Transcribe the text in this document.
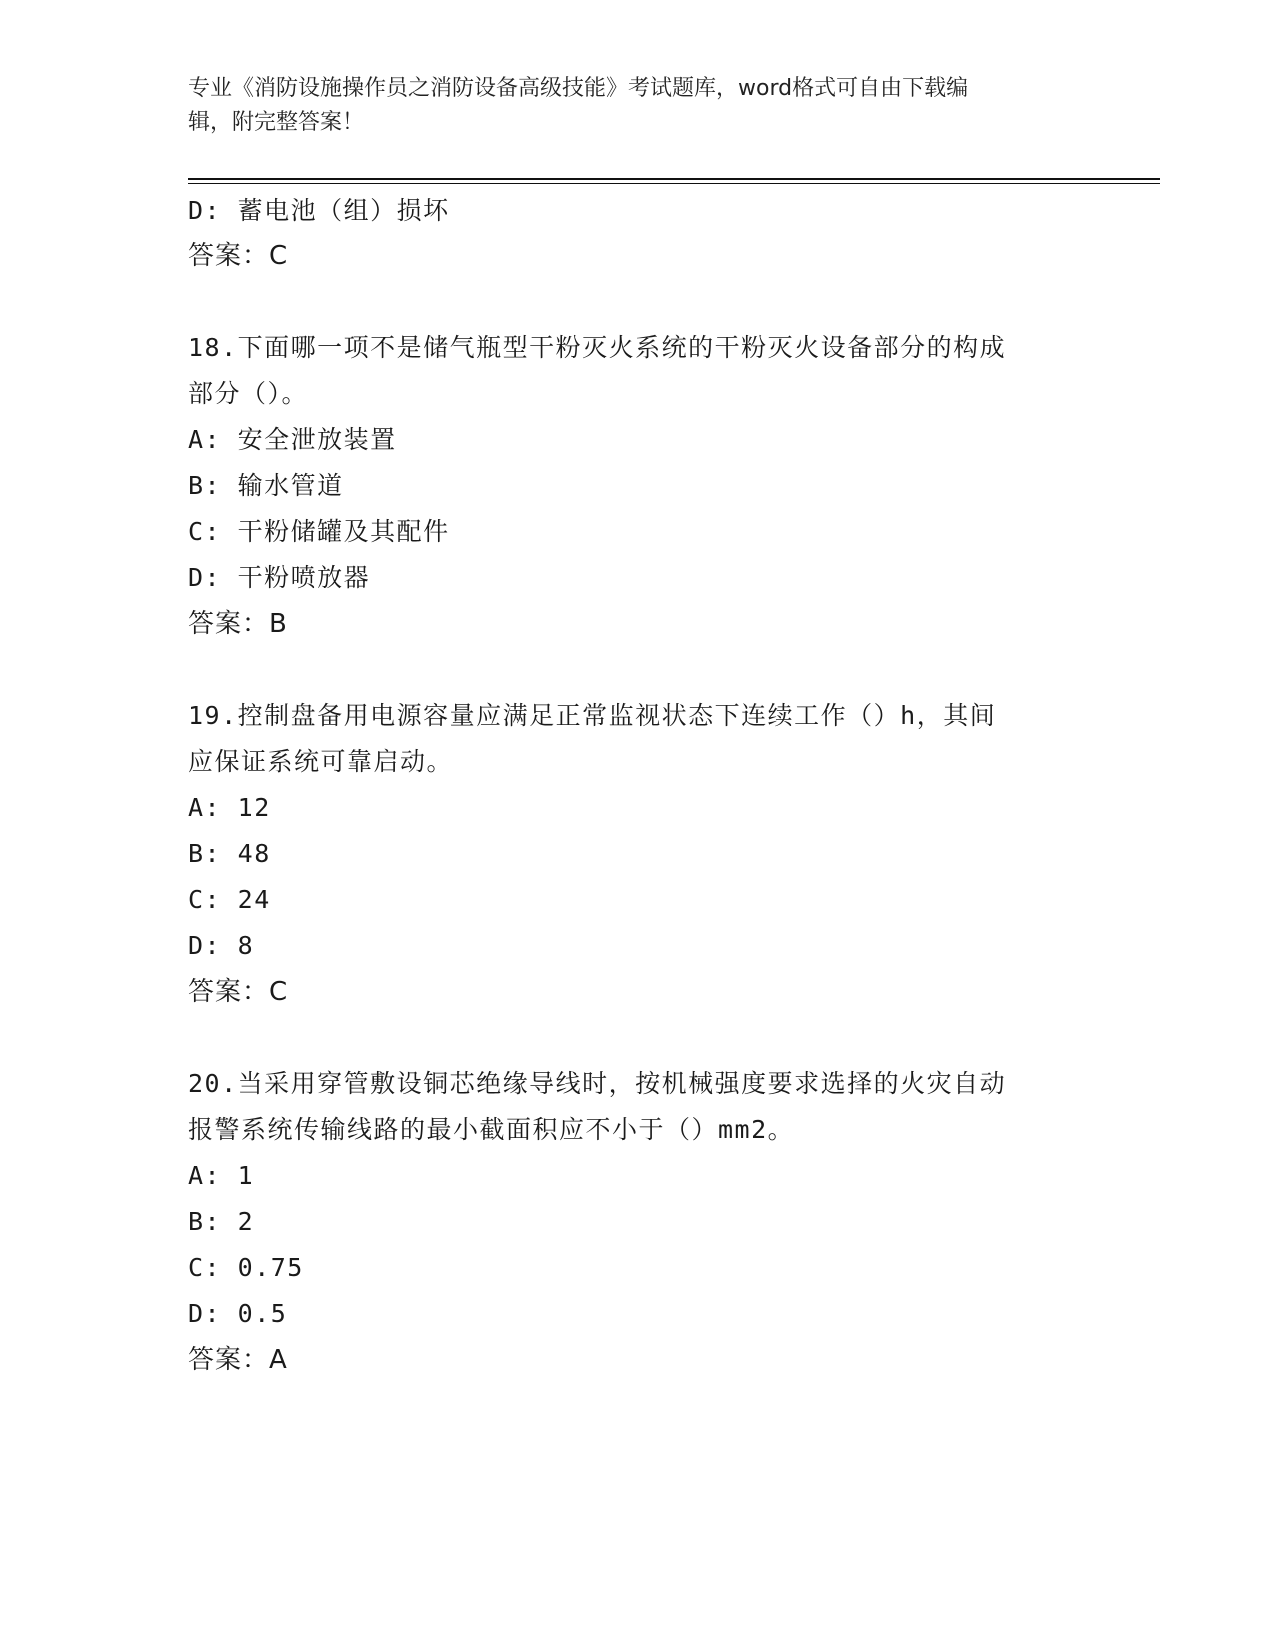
专业《消防设施操作员之消防设备高级技能》考试题库，word格式可自由下载编
辑，附完整答案！
D: 蓄电池（组）损坏
答案：C
18.下面哪一项不是储气瓶型干粉灭火系统的干粉灭火设备部分的构成
部分（）。
A: 安全泄放装置
B: 输水管道
C: 干粉储罐及其配件
D: 干粉喷放器
答案：B
19.控制盘备用电源容量应满足正常监视状态下连续工作（）h，其间
应保证系统可靠启动。
A: 12
B: 48
C: 24
D: 8
答案：C
20.当采用穿管敷设铜芯绝缘导线时，按机械强度要求选择的火灾自动
报警系统传输线路的最小截面积应不小于（）mm2。
A: 1
B: 2
C: 0.75
D: 0.5
答案：A
